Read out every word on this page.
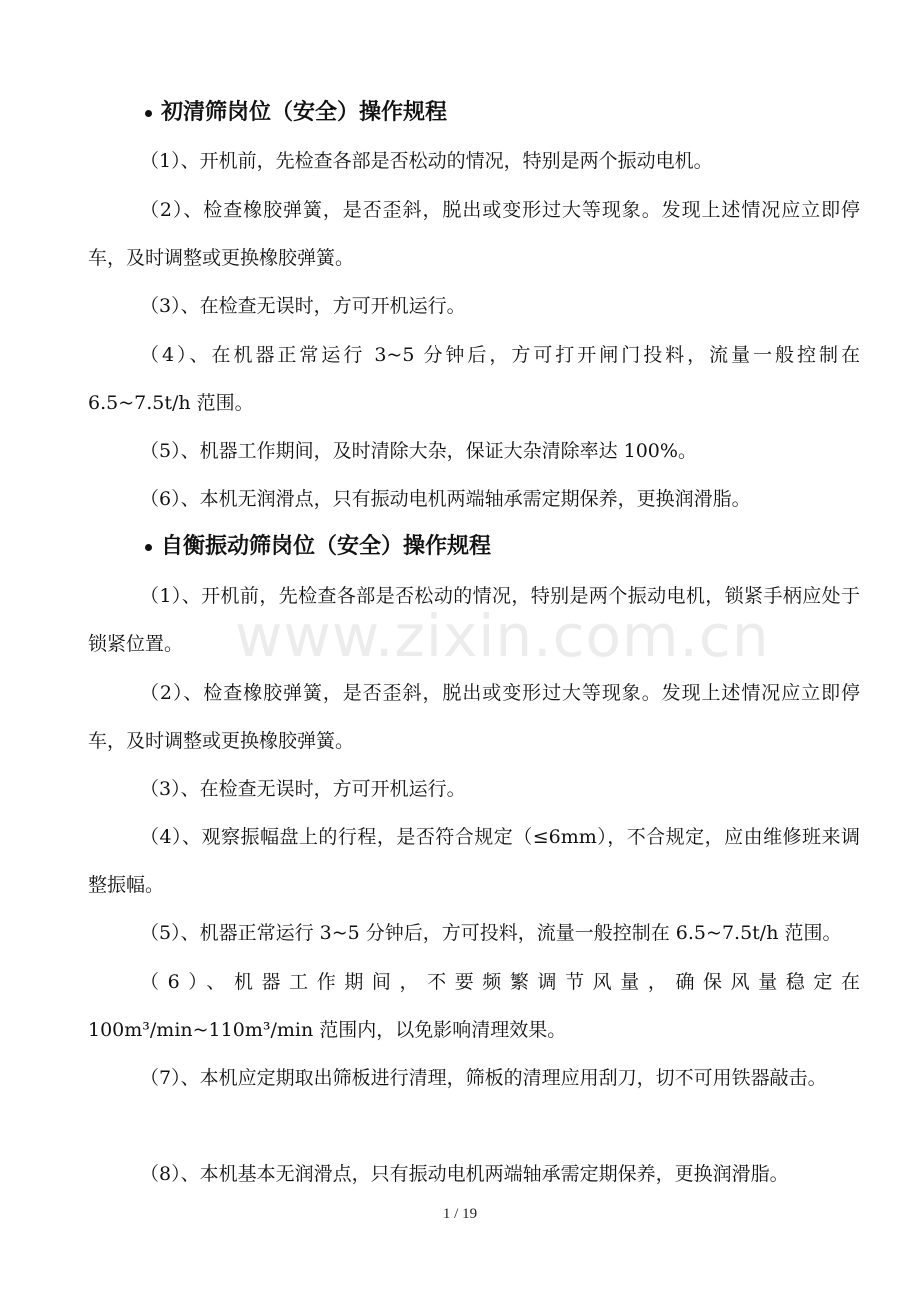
初清筛岗位（安全）操作规程

（1）、开机前，先检查各部是否松动的情况，特别是两个振动电机。

（2）、检查橡胶弹簧，是否歪斜，脱出或变形过大等现象。发现上述情况应立即停车，及时调整或更换橡胶弹簧。

（3）、在检查无误时，方可开机运行。

（4）、在机器正常运行 3~5 分钟后，方可打开闸门投料，流量一般控制在 6.5~7.5t/h 范围。

（5）、机器工作期间，及时清除大杂，保证大杂清除率达 100%。

（6）、本机无润滑点，只有振动电机两端轴承需定期保养，更换润滑脂。

自衡振动筛岗位（安全）操作规程

（1）、开机前，先检查各部是否松动的情况，特别是两个振动电机，锁紧手柄应处于锁紧位置。

（2）、检查橡胶弹簧，是否歪斜，脱出或变形过大等现象。发现上述情况应立即停车，及时调整或更换橡胶弹簧。

（3）、在检查无误时，方可开机运行。

（4）、观察振幅盘上的行程，是否符合规定（≤6mm），不合规定，应由维修班来调整振幅。

（5）、机器正常运行 3~5 分钟后，方可投料，流量一般控制在 6.5~7.5t/h 范围。

（6）、机器工作期间，不要频繁调节风量，确保风量稳定在 100m³/min~110m³/min 范围内，以免影响清理效果。

（7）、本机应定期取出筛板进行清理，筛板的清理应用刮刀，切不可用铁器敲击。

（8）、本机基本无润滑点，只有振动电机两端轴承需定期保养，更换润滑脂。

www.zixin.com.cn
1 / 19
